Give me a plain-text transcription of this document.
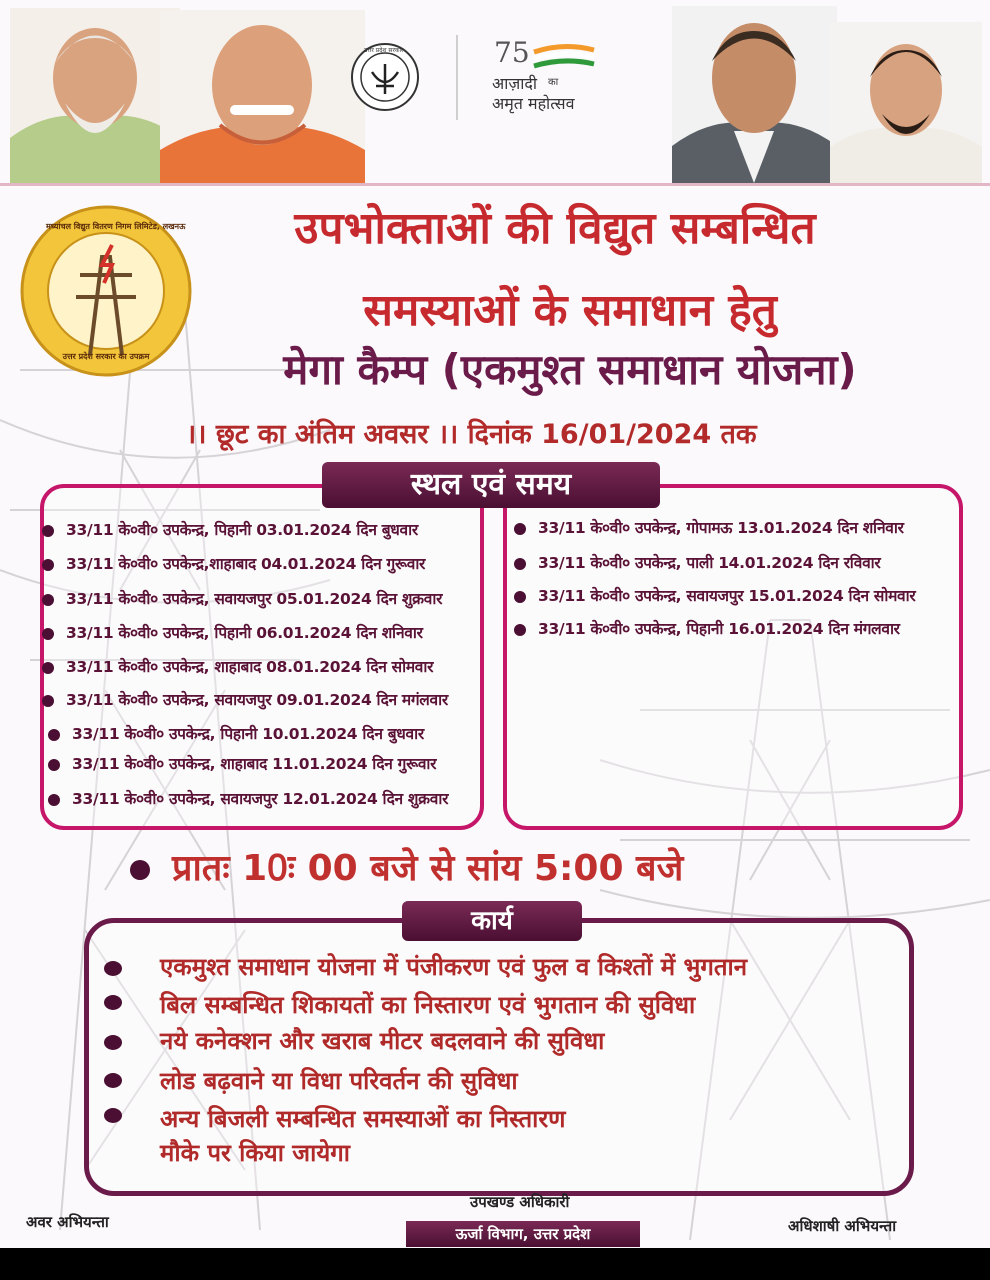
उत्तर प्रदेश सरकार	75
आज़ादी का
अमृत महोत्सव
मध्यांचल विद्युत वितरण निगम लिमिटेड, लखनऊ
उत्तर प्रदेश सरकार का उपक्रम
उपभोक्ताओं की विद्युत सम्बन्धित
समस्याओं के समाधान हेतु
मेगा कैम्प (एकमुश्त समाधान योजना)
।। छूट का अंतिम अवसर ।। दिनांक 16/01/2024 तक
स्थल एवं समय
33/11 के०वी० उपकेन्द्र, पिहानी 03.01.2024 दिन बुधवार
33/11 के०वी० उपकेन्द्र,शाहाबाद 04.01.2024 दिन गुरूवार
33/11 के०वी० उपकेन्द्र, सवायजपुर 05.01.2024 दिन शुक्रवार
33/11 के०वी० उपकेन्द्र, पिहानी 06.01.2024 दिन शनिवार
33/11 के०वी० उपकेन्द्र, शाहाबाद 08.01.2024 दिन सोमवार
33/11 के०वी० उपकेन्द्र, सवायजपुर 09.01.2024 दिन मगंलवार
33/11 के०वी० उपकेन्द्र, पिहानी 10.01.2024 दिन बुधवार
33/11 के०वी० उपकेन्द्र, शाहाबाद 11.01.2024 दिन गुरूवार
33/11 के०वी० उपकेन्द्र, सवायजपुर 12.01.2024 दिन शुक्रवार
33/11 के०वी० उपकेन्द्र, गोपामऊ 13.01.2024 दिन शनिवार
33/11 के०वी० उपकेन्द्र, पाली 14.01.2024 दिन रविवार
33/11 के०वी० उपकेन्द्र, सवायजपुर 15.01.2024 दिन सोमवार
33/11 के०वी० उपकेन्द्र, पिहानी 16.01.2024 दिन मंगलवार
प्रातः 10ः 00 बजे से सांय 5:00 बजे
कार्य
एकमुश्त समाधान योजना में पंजीकरण एवं फुल व किश्तों में भुगतान
बिल सम्बन्धित शिकायतों का निस्तारण एवं भुगतान की सुविधा
नये कनेक्शन और खराब मीटर बदलवाने की सुविधा
लोड बढ़वाने या विधा परिवर्तन की सुविधा
अन्य बिजली सम्बन्धित समस्याओं का निस्तारण
मौके पर किया जायेगा
अवर अभियन्ता
उपखण्ड अधिकारी
ऊर्जा विभाग, उत्तर प्रदेश	अधिशाषी अभियन्ता
